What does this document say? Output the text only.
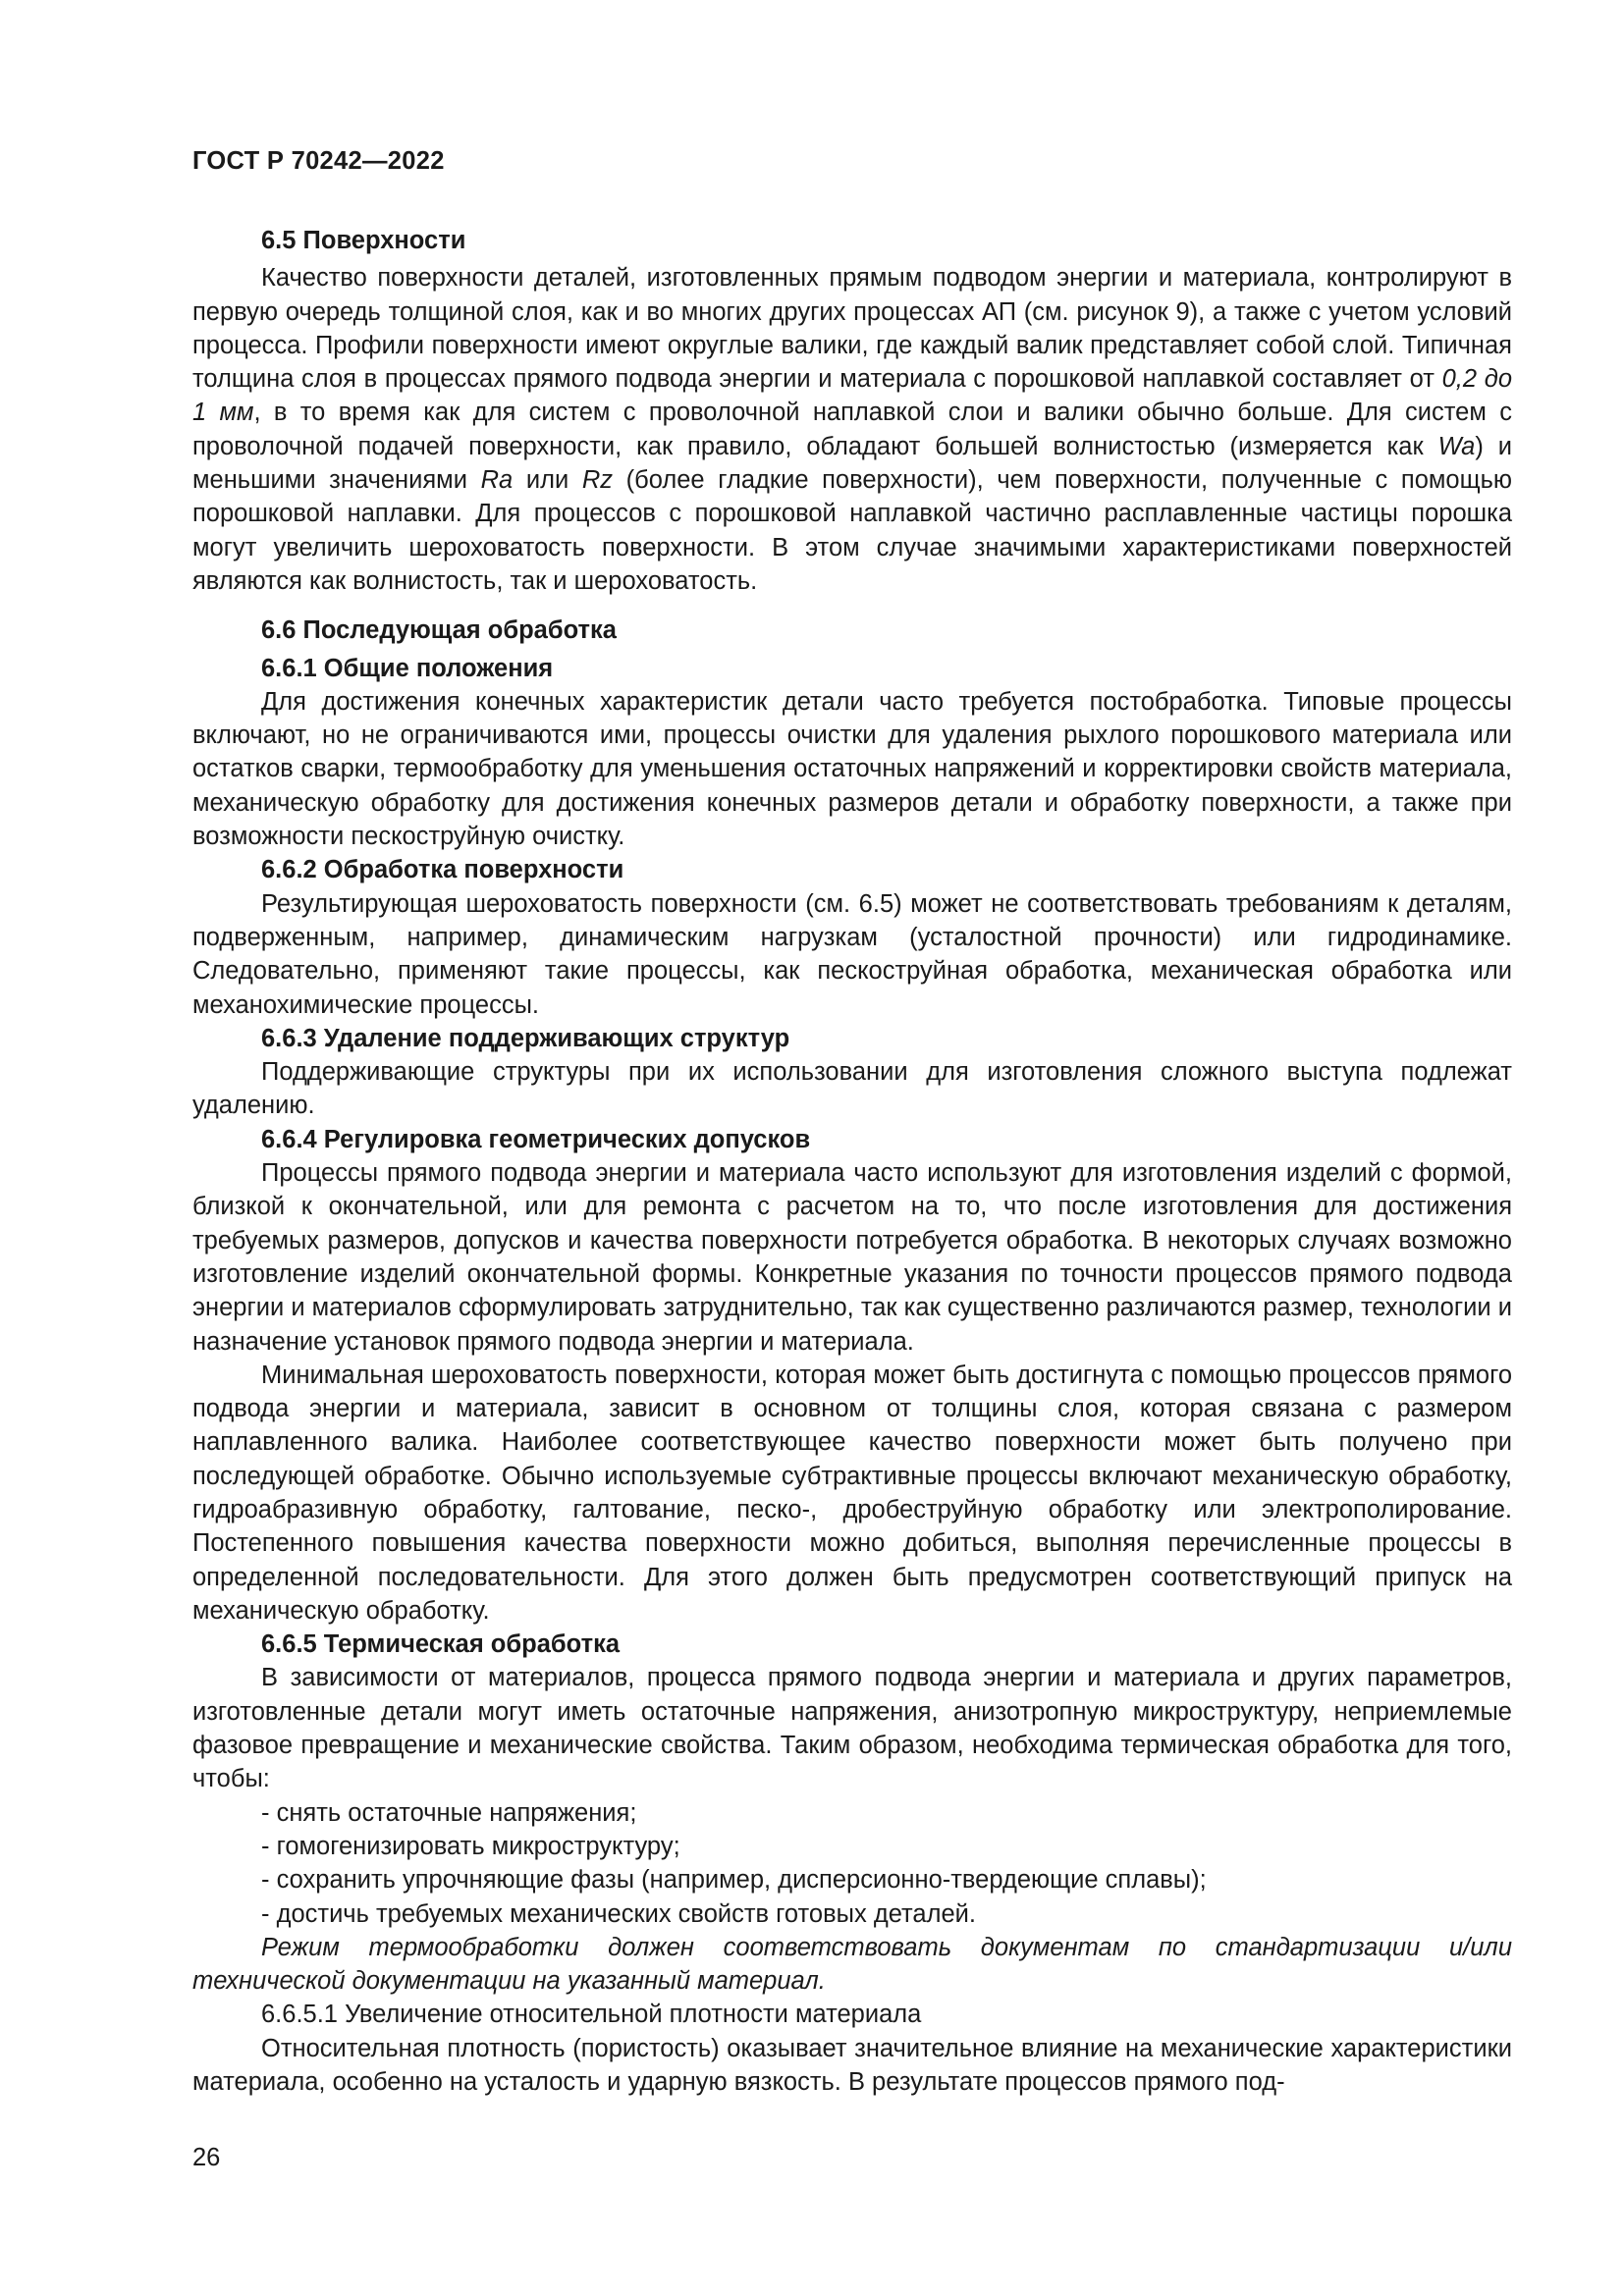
ГОСТ Р 70242—2022
6.5 Поверхности

Качество поверхности деталей, изготовленных прямым подводом энергии и материала, контролируют в первую очередь толщиной слоя, как и во многих других процессах АП (см. рисунок 9), а также с учетом условий процесса. Профили поверхности имеют округлые валики, где каждый валик представляет собой слой. Типичная толщина слоя в процессах прямого подвода энергии и материала с порошковой наплавкой составляет от 0,2 до 1 мм, в то время как для систем с проволочной наплавкой слои и валики обычно больше. Для систем с проволочной подачей поверхности, как правило, обладают большей волнистостью (измеряется как Wa) и меньшими значениями Ra или Rz (более гладкие поверхности), чем поверхности, полученные с помощью порошковой наплавки. Для процессов с порошковой наплавкой частично расплавленные частицы порошка могут увеличить шероховатость поверхности. В этом случае значимыми характеристиками поверхностей являются как волнистость, так и шероховатость.

6.6 Последующая обработка
6.6.1 Общие положения

Для достижения конечных характеристик детали часто требуется постобработка. Типовые процессы включают, но не ограничиваются ими, процессы очистки для удаления рыхлого порошкового материала или остатков сварки, термообработку для уменьшения остаточных напряжений и корректировки свойств материала, механическую обработку для достижения конечных размеров детали и обработку поверхности, а также при возможности пескоструйную очистку.

6.6.2 Обработка поверхности

Результирующая шероховатость поверхности (см. 6.5) может не соответствовать требованиям к деталям, подверженным, например, динамическим нагрузкам (усталостной прочности) или гидродинамике. Следовательно, применяют такие процессы, как пескоструйная обработка, механическая обработка или механохимические процессы.

6.6.3 Удаление поддерживающих структур

Поддерживающие структуры при их использовании для изготовления сложного выступа подлежат удалению.

6.6.4 Регулировка геометрических допусков

Процессы прямого подвода энергии и материала часто используют для изготовления изделий с формой, близкой к окончательной, или для ремонта с расчетом на то, что после изготовления для достижения требуемых размеров, допусков и качества поверхности потребуется обработка. В некоторых случаях возможно изготовление изделий окончательной формы. Конкретные указания по точности процессов прямого подвода энергии и материалов сформулировать затруднительно, так как существенно различаются размер, технологии и назначение установок прямого подвода энергии и материала.

Минимальная шероховатость поверхности, которая может быть достигнута с помощью процессов прямого подвода энергии и материала, зависит в основном от толщины слоя, которая связана с размером наплавленного валика. Наиболее соответствующее качество поверхности может быть получено при последующей обработке. Обычно используемые субтрактивные процессы включают механическую обработку, гидроабразивную обработку, галтование, песко-, дробеструйную обработку или электрополирование. Постепенного повышения качества поверхности можно добиться, выполняя перечисленные процессы в определенной последовательности. Для этого должен быть предусмотрен соответствующий припуск на механическую обработку.

6.6.5 Термическая обработка

В зависимости от материалов, процесса прямого подвода энергии и материала и других параметров, изготовленные детали могут иметь остаточные напряжения, анизотропную микроструктуру, неприемлемые фазовое превращение и механические свойства. Таким образом, необходима термическая обработка для того, чтобы:

- снять остаточные напряжения;
- гомогенизировать микроструктуру;
- сохранить упрочняющие фазы (например, дисперсионно-твердеющие сплавы);
- достичь требуемых механических свойств готовых деталей.

Режим термообработки должен соответствовать документам по стандартизации и/или технической документации на указанный материал.

6.6.5.1 Увеличение относительной плотности материала

Относительная плотность (пористость) оказывает значительное влияние на механические характеристики материала, особенно на усталость и ударную вязкость. В результате процессов прямого под-

26
